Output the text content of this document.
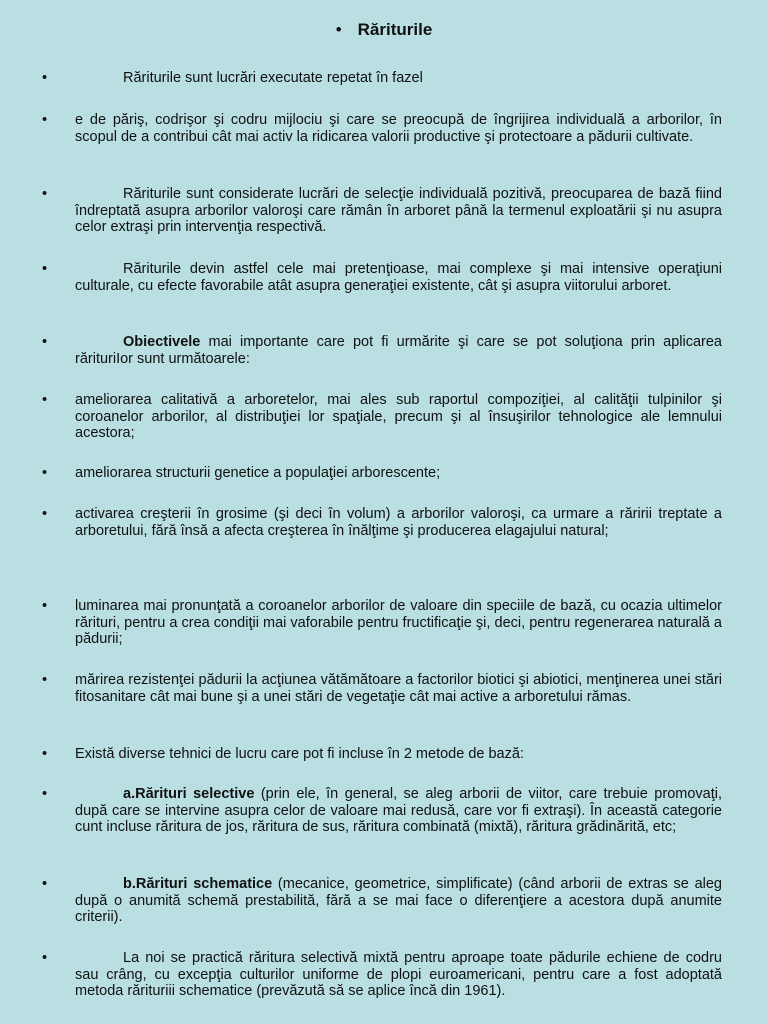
• Răriturile
•	Răriturile sunt lucrări executate repetat în fazel
• e de păriş, codrişor şi codru mijlociu şi care se preocupă de îngrijirea individuală a arborilor, în scopul de a contribui cât mai activ la ridicarea valorii productive şi protectoare a pădurii cultivate.
•	Răriturile sunt considerate lucrări de selecţie individuală pozitivă, preocuparea de bază fiind îndreptată asupra arborilor valoroşi care rămân în arboret până la termenul exploatării şi nu asupra celor extraşi prin intervenţia respectivă.
•	Răriturile devin astfel cele mai pretenţioase, mai complexe şi mai intensive operaţiuni culturale, cu efecte favorabile atât asupra generaţiei existente, cât şi asupra viitorului arboret.
•	Obiectivele mai importante care pot fi urmărite şi care se pot soluţiona prin aplicarea rărituriIor sunt următoarele:
• ameliorarea calitativă a arboretelor, mai ales sub raportul compoziţiei, al calităţii tulpinilor şi coroanelor arborilor, al distribuţiei lor spaţiale, precum şi al însuşirilor tehnologice ale lemnului acestora;
• ameliorarea structurii genetice a populaţiei arborescente;
• activarea creşterii în grosime (şi deci în volum) a arborilor valoroşi, ca urmare a răririi treptate a arboretului, fără însă a afecta creşterea în înălţime şi producerea elagajului natural;
• luminarea mai pronunţată a coroanelor arborilor de valoare din speciile de bază, cu ocazia ultimelor rărituri, pentru a crea condiţii mai vaforabile pentru fructificaţie şi, deci, pentru regenerarea naturală a pădurii;
• mărirea rezistenţei pădurii la acţiunea vătămătoare a factorilor biotici şi abiotici, menţinerea unei stări fitosanitare cât mai bune şi a unei stări de vegetaţie cât mai active a arboretului rămas.
• Există diverse tehnici de lucru care pot fi incluse în 2 metode de bază:
•	a.Rărituri selective (prin ele, în general, se aleg arborii de viitor, care trebuie promovaţi, după care se intervine asupra celor de valoare mai redusă, care vor fi extraşi). În această categorie cunt incluse răritura de jos, răritura de sus, răritura combinată (mixtă), răritura grădinărită, etc;
•	b.Rărituri schematice (mecanice, geometrice, simplificate) (când arborii de extras se aleg după o anumită schemă prestabilită, fără a se mai face o diferenţiere a acestora după anumite criterii).
•	La noi se practică răritura selectivă mixtă pentru aproape toate pădurile echiene de codru sau crâng, cu excepţia culturilor uniforme de plopi euroamericani, pentru care a fost adoptată metoda rărituriii schematice (prevăzută să se aplice încă din 1961).
